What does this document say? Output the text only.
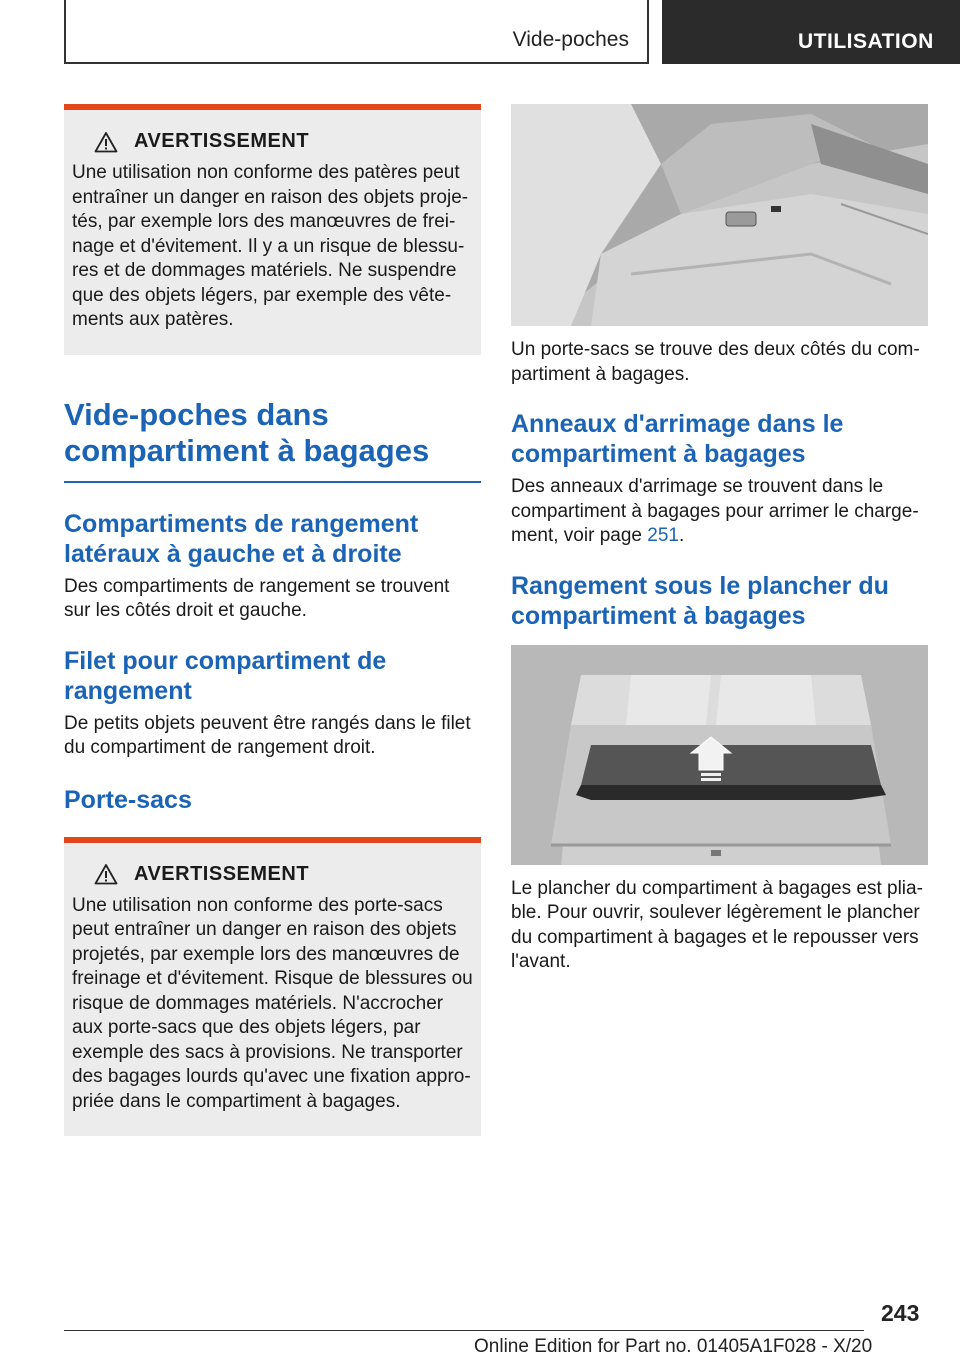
Vide-poches	UTILISATION
AVERTISSEMENT

Une utilisation non conforme des patères peut entraîner un danger en raison des objets projetés, par exemple lors des manœuvres de freinage et d'évitement. Il y a un risque de blessures et de dommages matériels. Ne suspendre que des objets légers, par exemple des vêtements aux patères.

Vide-poches dans compartiment à bagages
Compartiments de rangement latéraux à gauche et à droite

Des compartiments de rangement se trouvent sur les côtés droit et gauche.

Filet pour compartiment de rangement

De petits objets peuvent être rangés dans le filet du compartiment de rangement droit.

Porte-sacs
AVERTISSEMENT

Une utilisation non conforme des porte-sacs peut entraîner un danger en raison des objets projetés, par exemple lors des manœuvres de freinage et d'évitement. Risque de blessures ou risque de dommages matériels. N'accrocher aux porte-sacs que des objets légers, par exemple des sacs à provisions. Ne transporter des bagages lourds qu'avec une fixation appropriée dans le compartiment à bagages.

Un porte-sacs se trouve des deux côtés du compartiment à bagages.

Anneaux d'arrimage dans le compartiment à bagages

Des anneaux d'arrimage se trouvent dans le compartiment à bagages pour arrimer le chargement, voir page 251.

Rangement sous le plancher du compartiment à bagages

Le plancher du compartiment à bagages est pliable. Pour ouvrir, soulever légèrement le plancher du compartiment à bagages et le repousser vers l'avant.

243
Online Edition for Part no. 01405A1F028 - X/20
